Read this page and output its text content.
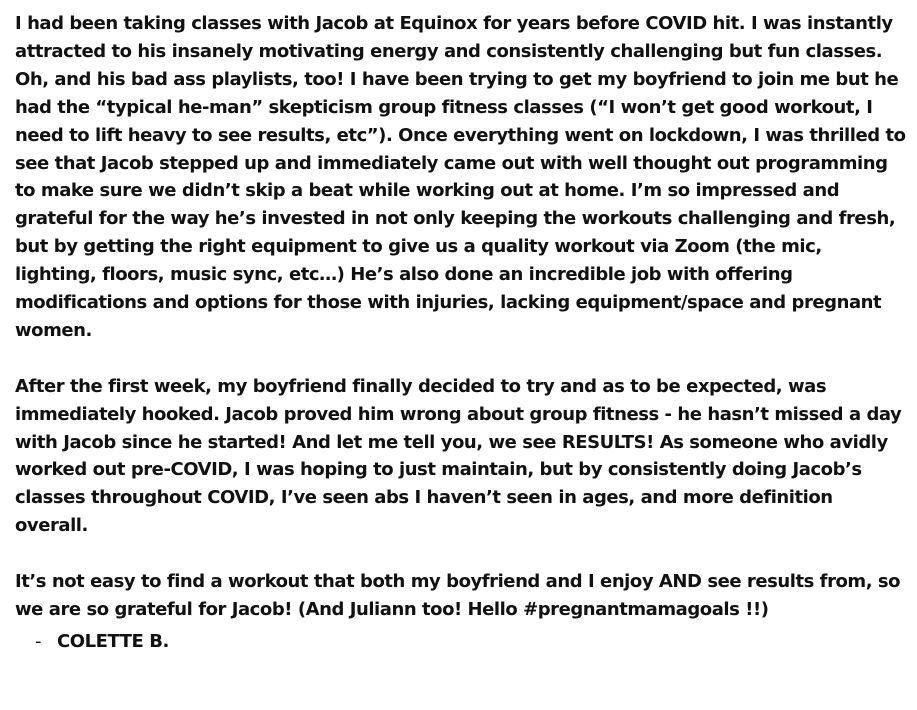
I had been taking classes with Jacob at Equinox for years before COVID hit. I was instantly attracted to his insanely motivating energy and consistently challenging but fun classes. Oh, and his bad ass playlists, too! I have been trying to get my boyfriend to join me but he had the “typical he-man” skepticism group fitness classes (“I won’t get good workout, I need to lift heavy to see results, etc”). Once everything went on lockdown, I was thrilled to see that Jacob stepped up and immediately came out with well thought out programming to make sure we didn’t skip a beat while working out at home. I’m so impressed and grateful for the way he’s invested in not only keeping the workouts challenging and fresh, but by getting the right equipment to give us a quality workout via Zoom (the mic, lighting, floors, music sync, etc…) He’s also done an incredible job with offering modifications and options for those with injuries, lacking equipment/space and pregnant women.

After the first week, my boyfriend finally decided to try and as to be expected, was immediately hooked. Jacob proved him wrong about group fitness - he hasn’t missed a day with Jacob since he started! And let me tell you, we see RESULTS! As someone who avidly worked out pre-COVID, I was hoping to just maintain, but by consistently doing Jacob’s classes throughout COVID, I’ve seen abs I haven’t seen in ages, and more definition overall.

It’s not easy to find a workout that both my boyfriend and I enjoy AND see results from, so we are so grateful for Jacob! (And Juliann too! Hello #pregnantmamagoals !!)

- COLETTE B.
